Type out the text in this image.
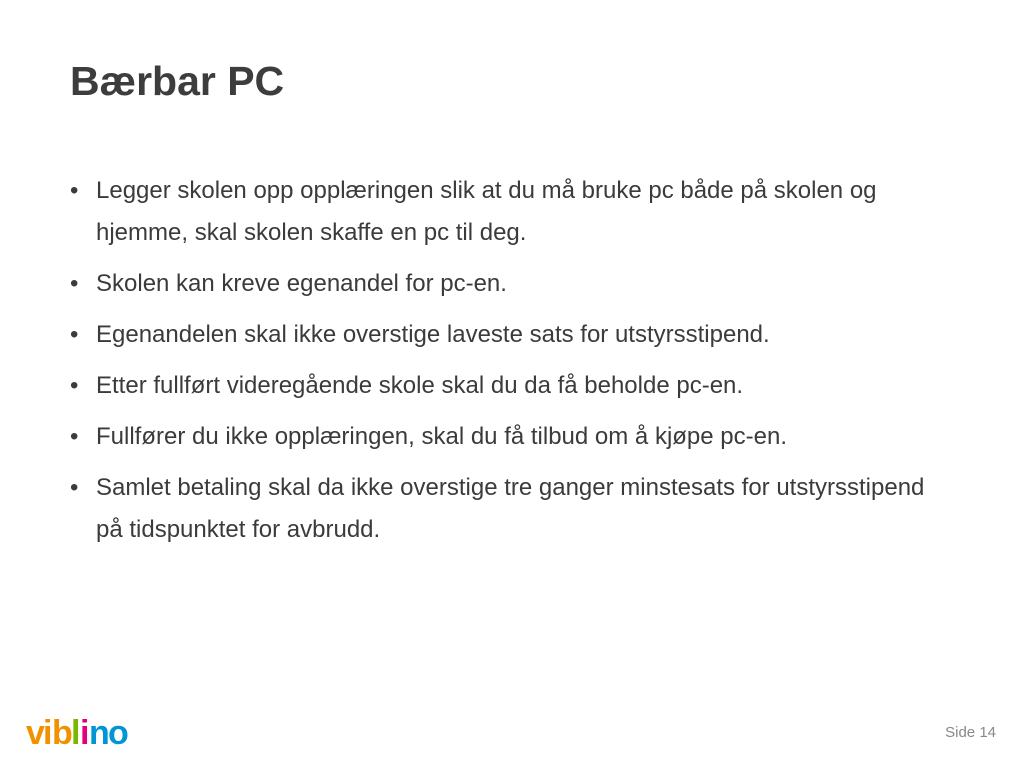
Bærbar PC
• Legger skolen opp opplæringen slik at du må bruke pc både på skolen og hjemme, skal skolen skaffe en pc til deg.
• Skolen kan kreve egenandel for pc-en.
• Egenandelen skal ikke overstige laveste sats for utstyrsstipend.
• Etter fullført videregående skole skal du da få beholde pc-en.
• Fullfører du ikke opplæringen, skal du få tilbud om å kjøpe pc-en.
• Samlet betaling skal da ikke overstige tre ganger minstesats for utstyrsstipend på tidspunktet for avbrudd.
v
i b
l i n
o	Side 14
